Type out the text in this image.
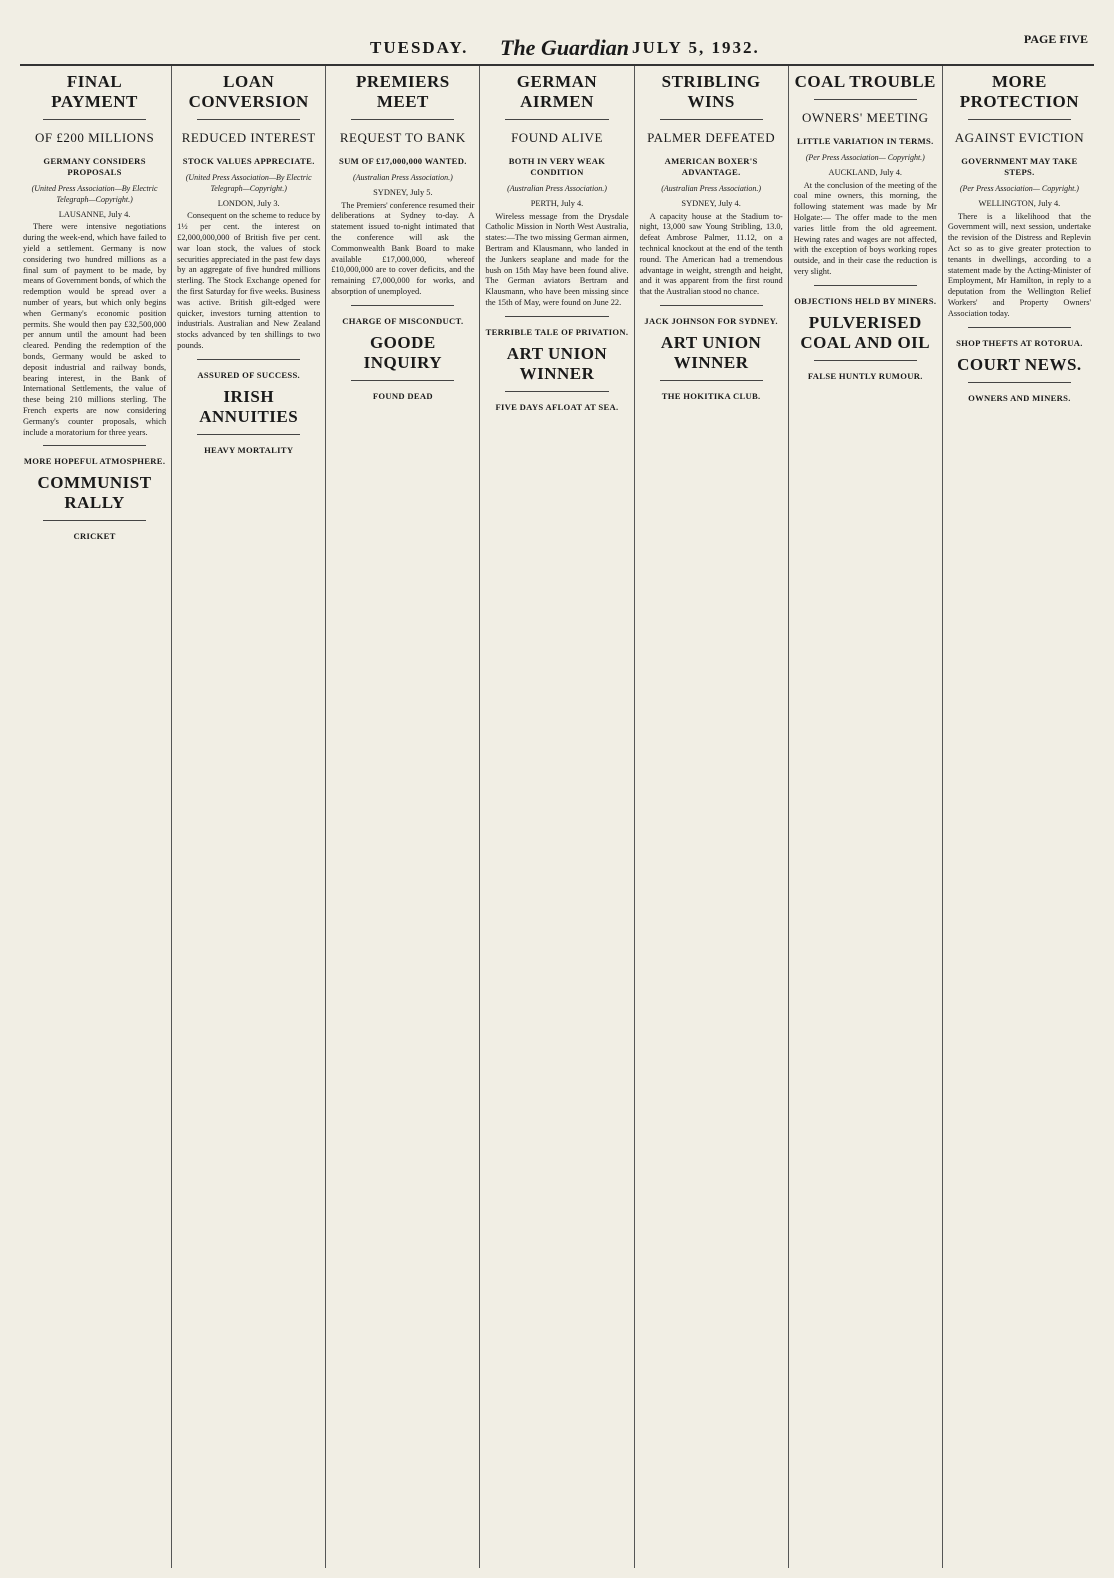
TUESDAY. The Guardian JULY 5, 1932.	PAGE FIVE
FINAL PAYMENT
OF £200 MILLIONS
GERMANY CONSIDERS PROPOSALS
(United Press Association—By Electric Telegraph—Copyright.)
LAUSANNE, July 4.
There were intensive negotiations during the week-end, which have failed to yield a settlement. Germany is now considering two hundred millions as a final sum of payment to be made, by means of Government bonds, of which the redemption would be spread over a number of years, but which only begins when Germany's economic position permits. She would then pay £32,500,000 per annum until the amount had been cleared. Pending the redemption of the bonds, Germany would be asked to deposit industrial and railway bonds, bearing interest, in the Bank of International Settlements, the value of these being 210 millions sterling. The French experts are now considering Germany's counter proposals, which include a moratorium for three years.
MORE HOPEFUL ATMOSPHERE.
COMMUNIST RALLY
CRICKET
LOAN CONVERSION
REDUCED INTEREST
STOCK VALUES APPRECIATE.
(United Press Association—By Electric Telegraph—Copyright.)
LONDON, July 3.
Consequent on the scheme to reduce by 1½ per cent. the interest on £2,000,000,000 of British five per cent. war loan stock, the values of stock securities appreciated in the past few days by an aggregate of five hundred millions sterling. The Stock Exchange opened for the first Saturday for five weeks. Business was active. British gilt-edged were quicker, investors turning attention to industrials. Australian and New Zealand stocks advanced by ten shillings to two pounds.
ASSURED OF SUCCESS.
IRISH ANNUITIES
HEAVY MORTALITY
PREMIERS MEET
REQUEST TO BANK
SUM OF £17,000,000 WANTED.
(Australian Press Association.)
SYDNEY, July 5.
The Premiers' conference resumed their deliberations at Sydney to-day. A statement issued to-night intimated that the conference will ask the Commonwealth Bank Board to make available £17,000,000, whereof £10,000,000 are to cover deficits, and the remaining £7,000,000 for works, and absorption of unemployed.
CHARGE OF MISCONDUCT.
GOODE INQUIRY
FOUND DEAD
GERMAN AIRMEN
FOUND ALIVE
BOTH IN VERY WEAK CONDITION
(Australian Press Association.)
PERTH, July 4.
Wireless message from the Drysdale Catholic Mission in North West Australia, states:—The two missing German airmen, Bertram and Klausmann, who landed in the Junkers seaplane and made for the bush on 15th May have been found alive. The German aviators Bertram and Klausmann, who have been missing since the 15th of May, were found on June 22.
TERRIBLE TALE OF PRIVATION.
ART UNION WINNER
FIVE DAYS AFLOAT AT SEA.
STRIBLING WINS
PALMER DEFEATED
AMERICAN BOXER'S ADVANTAGE.
(Australian Press Association.)
SYDNEY, July 4.
A capacity house at the Stadium to-night, 13,000 saw Young Stribling, 13.0, defeat Ambrose Palmer, 11.12, on a technical knockout at the end of the tenth round. The American had a tremendous advantage in weight, strength and height, and it was apparent from the first round that the Australian stood no chance.
JACK JOHNSON FOR SYDNEY.
ART UNION WINNER
THE HOKITIKA CLUB.
COAL TROUBLE
OWNERS' MEETING
LITTLE VARIATION IN TERMS.
(Per Press Association— Copyright.)
AUCKLAND, July 4.
At the conclusion of the meeting of the coal mine owners, this morning, the following statement was made by Mr Holgate:— The offer made to the men varies little from the old agreement. Hewing rates and wages are not affected, with the exception of boys working ropes outside, and in their case the reduction is very slight.
OBJECTIONS HELD BY MINERS.
PULVERISED COAL AND OIL
FALSE HUNTLY RUMOUR.
MORE PROTECTION
AGAINST EVICTION
GOVERNMENT MAY TAKE STEPS.
(Per Press Association— Copyright.)
WELLINGTON, July 4.
There is a likelihood that the Government will, next session, undertake the revision of the Distress and Replevin Act so as to give greater protection to tenants in dwellings, according to a statement made by the Acting-Minister of Employment, Mr Hamilton, in reply to a deputation from the Wellington Relief Workers' and Property Owners' Association today.
SHOP THEFTS AT ROTORUA.
COURT NEWS.
OWNERS AND MINERS.
